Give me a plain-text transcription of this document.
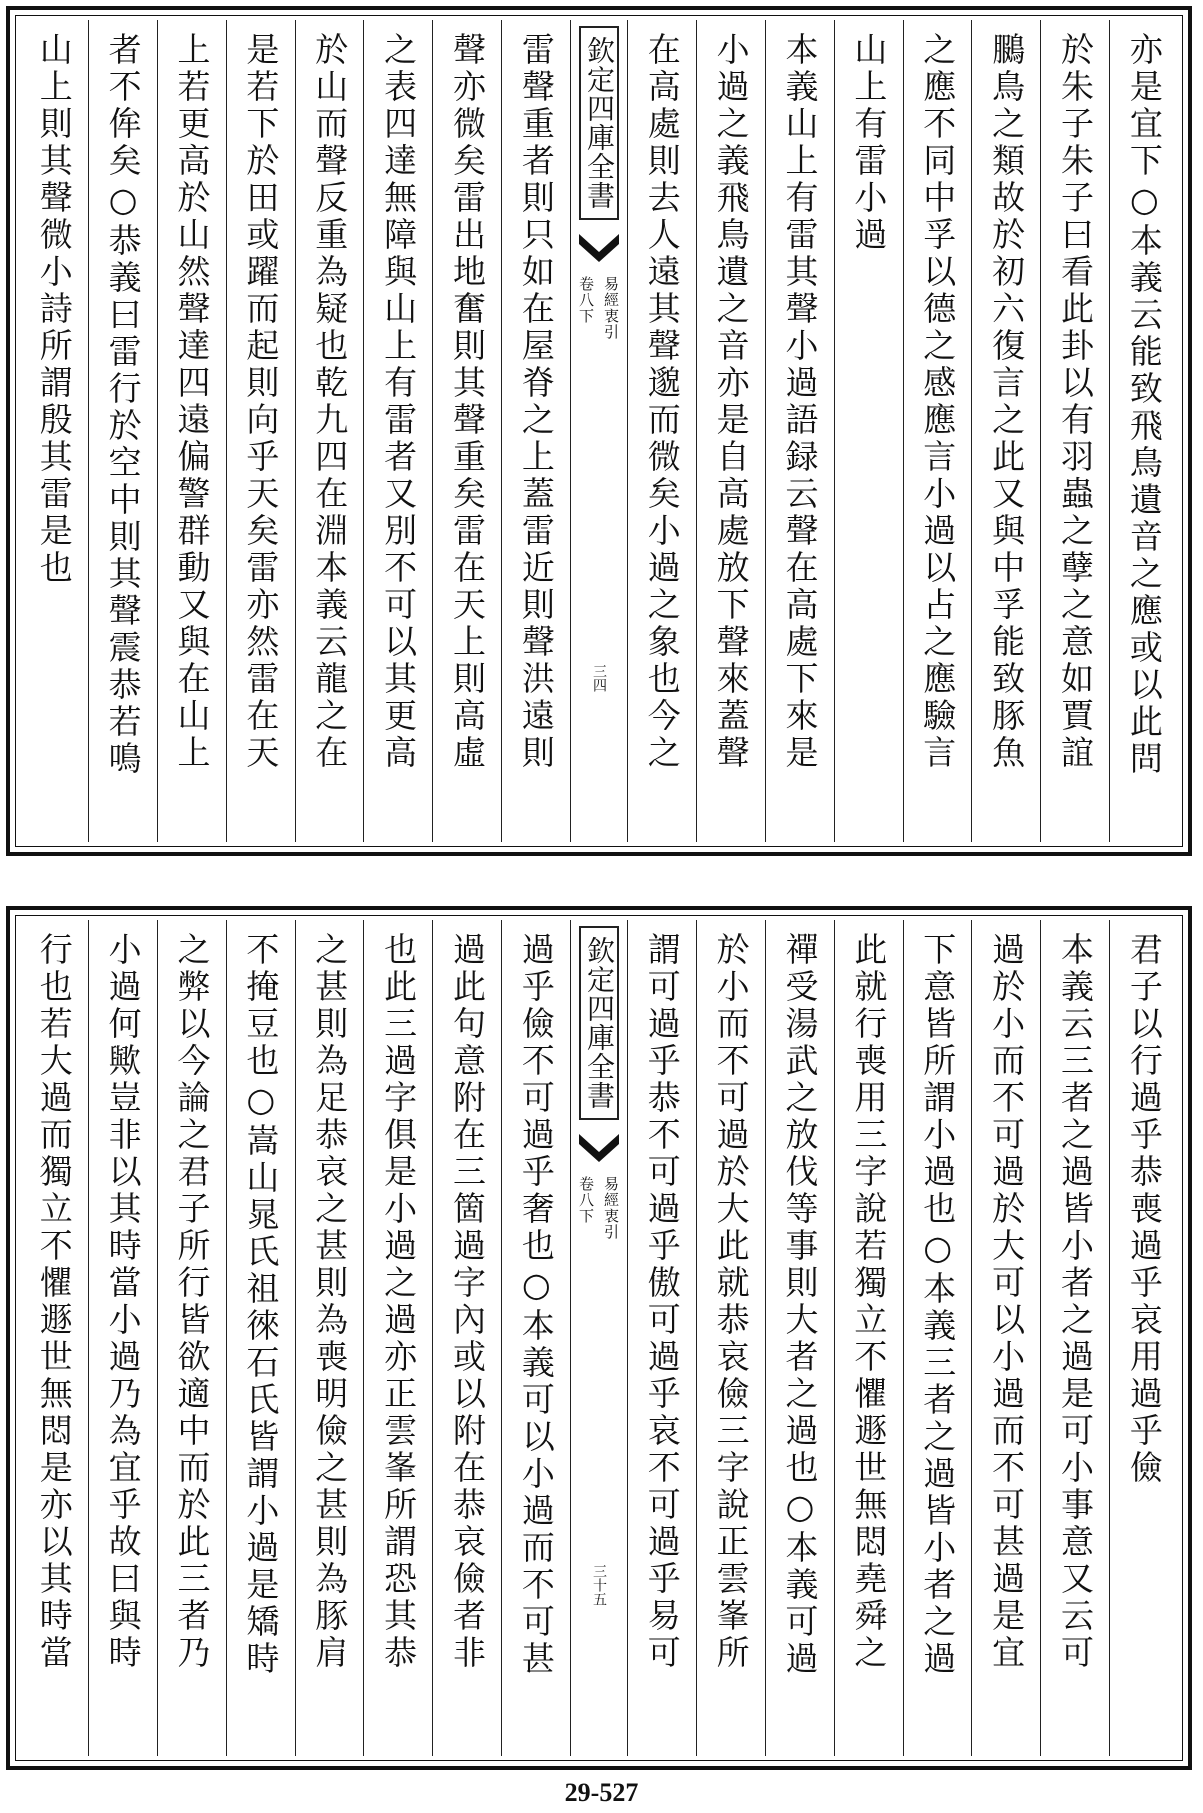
亦是宜下○本義云能致飛鳥遺音之應或以此問
於朱子朱子曰看此卦以有羽蟲之孽之意如賈誼
鵩鳥之類故於初六復言之此又與中孚能致豚魚
之應不同中孚以德之感應言小過以占之應驗言
山上有雷小過
本義山上有雷其聲小過語録云聲在高處下來是
小過之義飛鳥遺之音亦是自高處放下聲來蓋聲
在高處則去人遠其聲邈而微矣小過之象也今之
欽定四庫全書
易經衷引
卷八下
三四
雷聲重者則只如在屋脊之上蓋雷近則聲洪遠則
聲亦微矣雷出地奮則其聲重矣雷在天上則高虛
之表四達無障與山上有雷者又別不可以其更高
於山而聲反重為疑也乾九四在淵本義云龍之在
是若下於田或躍而起則向乎天矣雷亦然雷在天
上若更高於山然聲達四遠偏警群動又與在山上
者不侔矣○恭義曰雷行於空中則其聲震恭若鳴
山上則其聲微小詩所謂殷其雷是也
君子以行過乎恭喪過乎哀用過乎儉
本義云三者之過皆小者之過是可小事意又云可
過於小而不可過於大可以小過而不可甚過是宜
下意皆所謂小過也○本義三者之過皆小者之過
此就行喪用三字說若獨立不懼遯世無悶堯舜之
禪受湯武之放伐等事則大者之過也○本義可過
於小而不可過於大此就恭哀儉三字說正雲峯所
謂可過乎恭不可過乎傲可過乎哀不可過乎易可
欽定四庫全書
易經衷引
卷八下
三十五
過乎儉不可過乎奢也○本義可以小過而不可甚
過此句意附在三箇過字內或以附在恭哀儉者非
也此三過字俱是小過之過亦正雲峯所謂恐其恭
之甚則為足恭哀之甚則為喪明儉之甚則為豚肩
不掩豆也○嵩山晁氏祖徠石氏皆謂小過是矯時
之弊以今論之君子所行皆欲適中而於此三者乃
小過何歟豈非以其時當小過乃為宜乎故曰與時
行也若大過而獨立不懼遯世無悶是亦以其時當
29-527
